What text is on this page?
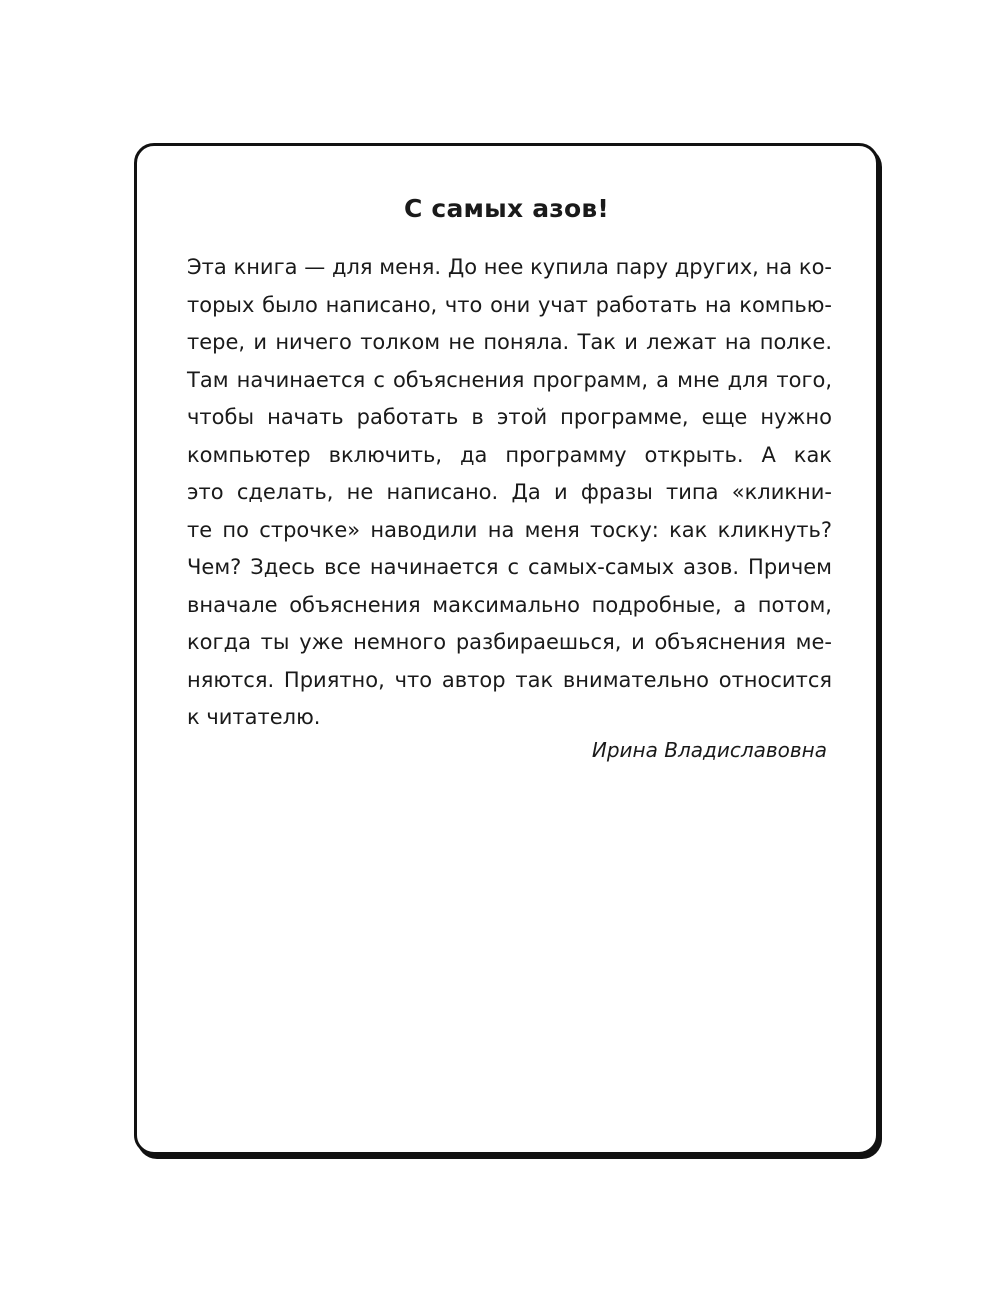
С самых азов!
Эта книга — для меня. До нее купила пару других, на ко-
торых было написано, что они учат работать на компью-
тере, и ничего толком не поняла. Так и лежат на полке.
Там начинается с объяснения программ, а мне для того,
чтобы начать работать в этой программе, еще нужно
компьютер включить, да программу открыть. А как
это сделать, не написано. Да и фразы типа «кликни-
те по строчке» наводили на меня тоску: как кликнуть?
Чем? Здесь все начинается с самых-самых азов. Причем
вначале объяснения максимально подробные, а потом,
когда ты уже немного разбираешься, и объяснения ме-
няются. Приятно, что автор так внимательно относится
к читателю.

Ирина Владиславовна
